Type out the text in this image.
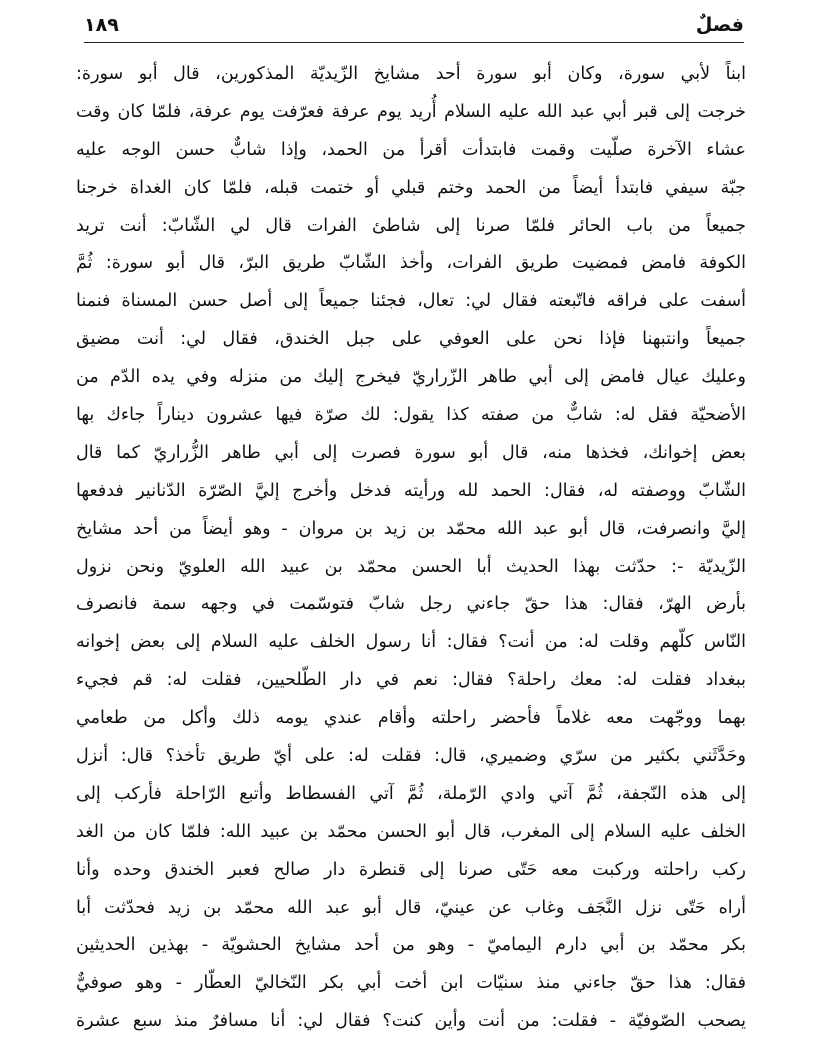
فصلٌ
١٨٩
ابناً لأبي سورة، وكان أبو سورة أحد مشايخ الزّيديّة المذكورين، قال أبو سورة:
خرجت إلى قبر أبي عبد الله عليه السلام أُريد يوم عرفة فعرّفت يوم عرفة، فلمّا كان وقت
عشاء الآخرة صلّيت وقمت فابتدأت أقرأ من الحمد، وإذا شابٌّ حسن الوجه عليه
جبّة سيفي فابتدأ أيضاً من الحمد وختم قبلي أو ختمت قبله، فلمّا كان الغداة خرجنا
جميعاً من باب الحائر فلمّا صرنا إلى شاطئ الفرات قال لي الشّابّ: أنت تريد
الكوفة فامض فمضيت طريق الفرات، وأخذ الشّابّ طريق البرّ، قال أبو سورة: ثُمَّ
أسفت على فراقه فاتّبعته فقال لي: تعال، فجئنا جميعاً إلى أصل حسن المسناة فنمنا
جميعاً وانتبهنا فإذا نحن على العوفي على جبل الخندق، فقال لي: أنت مضيق
وعليك عيال فامض إلى أبي طاهر الزّراريّ فيخرج إليك من منزله وفي يده الدّم من
الأضحيّة فقل له: شابٌّ من صفته كذا يقول: لك صرّة فيها عشرون ديناراً جاءك بها
بعض إخوانك، فخذها منه، قال أبو سورة فصرت إلى أبي طاهر الزُّراريّ كما قال
الشّابّ ووصفته له، فقال: الحمد لله ورأيته فدخل وأخرج إليَّ الصّرّة الدّنانير فدفعها
إليَّ وانصرفت، قال أبو عبد الله محمّد بن زيد بن مروان - وهو أيضاً من أحد مشايخ
الزّيديّة -: حدّثت بهذا الحديث أبا الحسن محمّد بن عبيد الله العلويّ ونحن نزول
بأرض الهرّ، فقال: هذا حقّ جاءني رجل شابّ فتوسّمت في وجهه سمة فانصرف
النّاس كلّهم وقلت له: من أنت؟ فقال: أنا رسول الخلف عليه السلام إلى بعض إخوانه
ببغداد فقلت له: معك راحلة؟ فقال: نعم في دار الطّلحيين، فقلت له: قم فجيء
بهما ووجّهت معه غلاماً فأحضر راحلته وأقام عندي يومه ذلك وأكل من طعامي
وحَدَّثَني بكثير من سرّي وضميري، قال: فقلت له: على أيّ طريق تأخذ؟ قال: أنزل
إلى هذه النّجفة، ثُمَّ آتي وادي الرّملة، ثُمَّ آتي الفسطاط وأتبع الرّاحلة فأركب إلى
الخلف عليه السلام إلى المغرب، قال أبو الحسن محمّد بن عبيد الله: فلمّا كان من الغد
ركب راحلته وركبت معه حَتّى صرنا إلى قنطرة دار صالح فعبر الخندق وحده وأنا
أراه حَتّى نزل النَّجَف وغاب عن عينيّ، قال أبو عبد الله محمّد بن زيد فحدّثت أبا
بكر محمّد بن أبي دارم اليماميّ - وهو من أحد مشايخ الحشويّة - بهذين الحديثين
فقال: هذا حقّ جاءني منذ سنيّات ابن أخت أبي بكر النّخاليّ العطّار - وهو صوفيٌّ
يصحب الصّوفيّة - فقلت: من أنت وأين كنت؟ فقال لي: أنا مسافرٌ منذ سبع عشرة
